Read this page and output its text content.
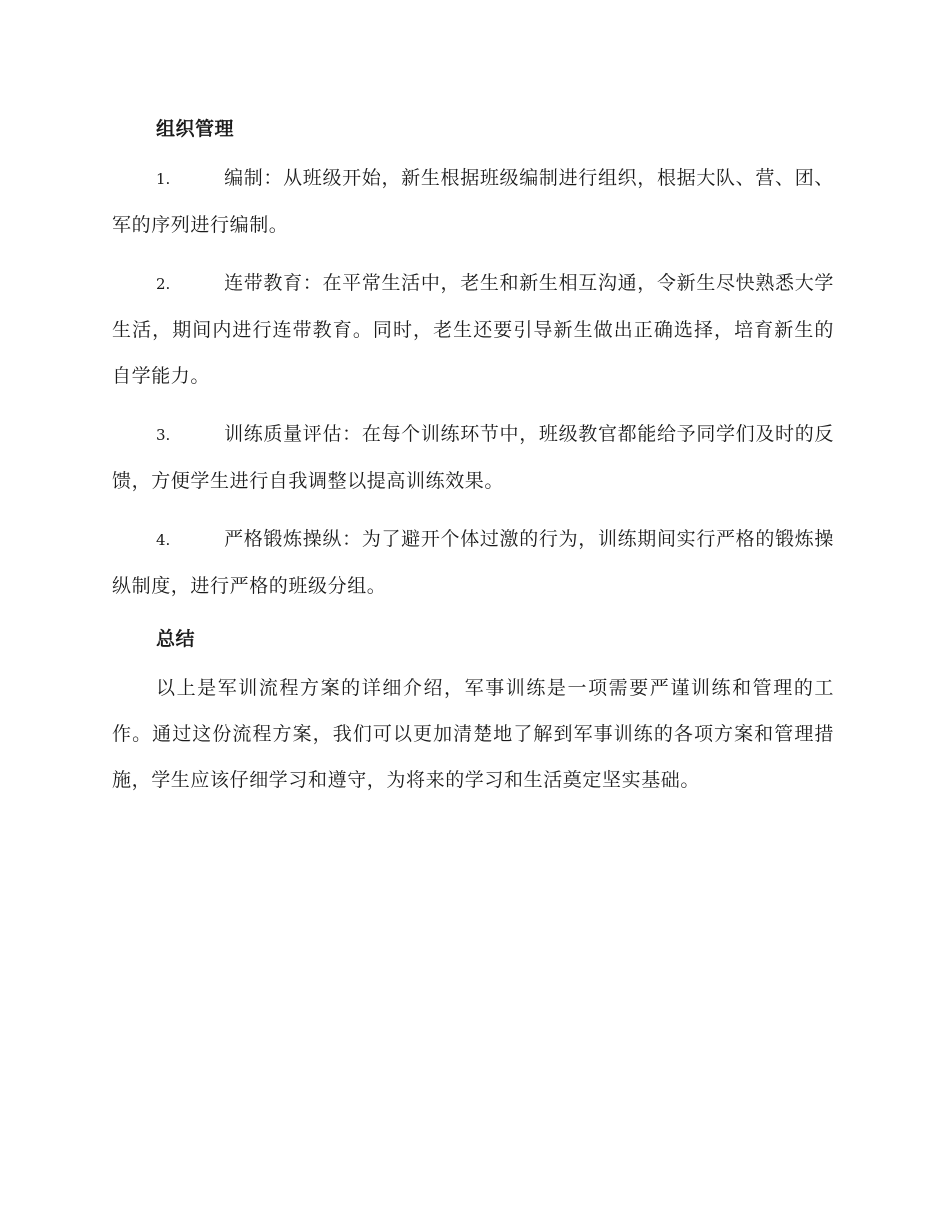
组织管理
1.	编制：从班级开始，新生根据班级编制进行组织，根据大队、营、团、军的序列进行编制。
2.	连带教育：在平常生活中，老生和新生相互沟通，令新生尽快熟悉大学生活，期间内进行连带教育。同时，老生还要引导新生做出正确选择，培育新生的自学能力。
3.	训练质量评估：在每个训练环节中，班级教官都能给予同学们及时的反馈，方便学生进行自我调整以提高训练效果。
4.	严格锻炼操纵：为了避开个体过激的行为，训练期间实行严格的锻炼操纵制度，进行严格的班级分组。
总结

以上是军训流程方案的详细介绍，军事训练是一项需要严谨训练和管理的工作。通过这份流程方案，我们可以更加清楚地了解到军事训练的各项方案和管理措施，学生应该仔细学习和遵守，为将来的学习和生活奠定坚实基础。
